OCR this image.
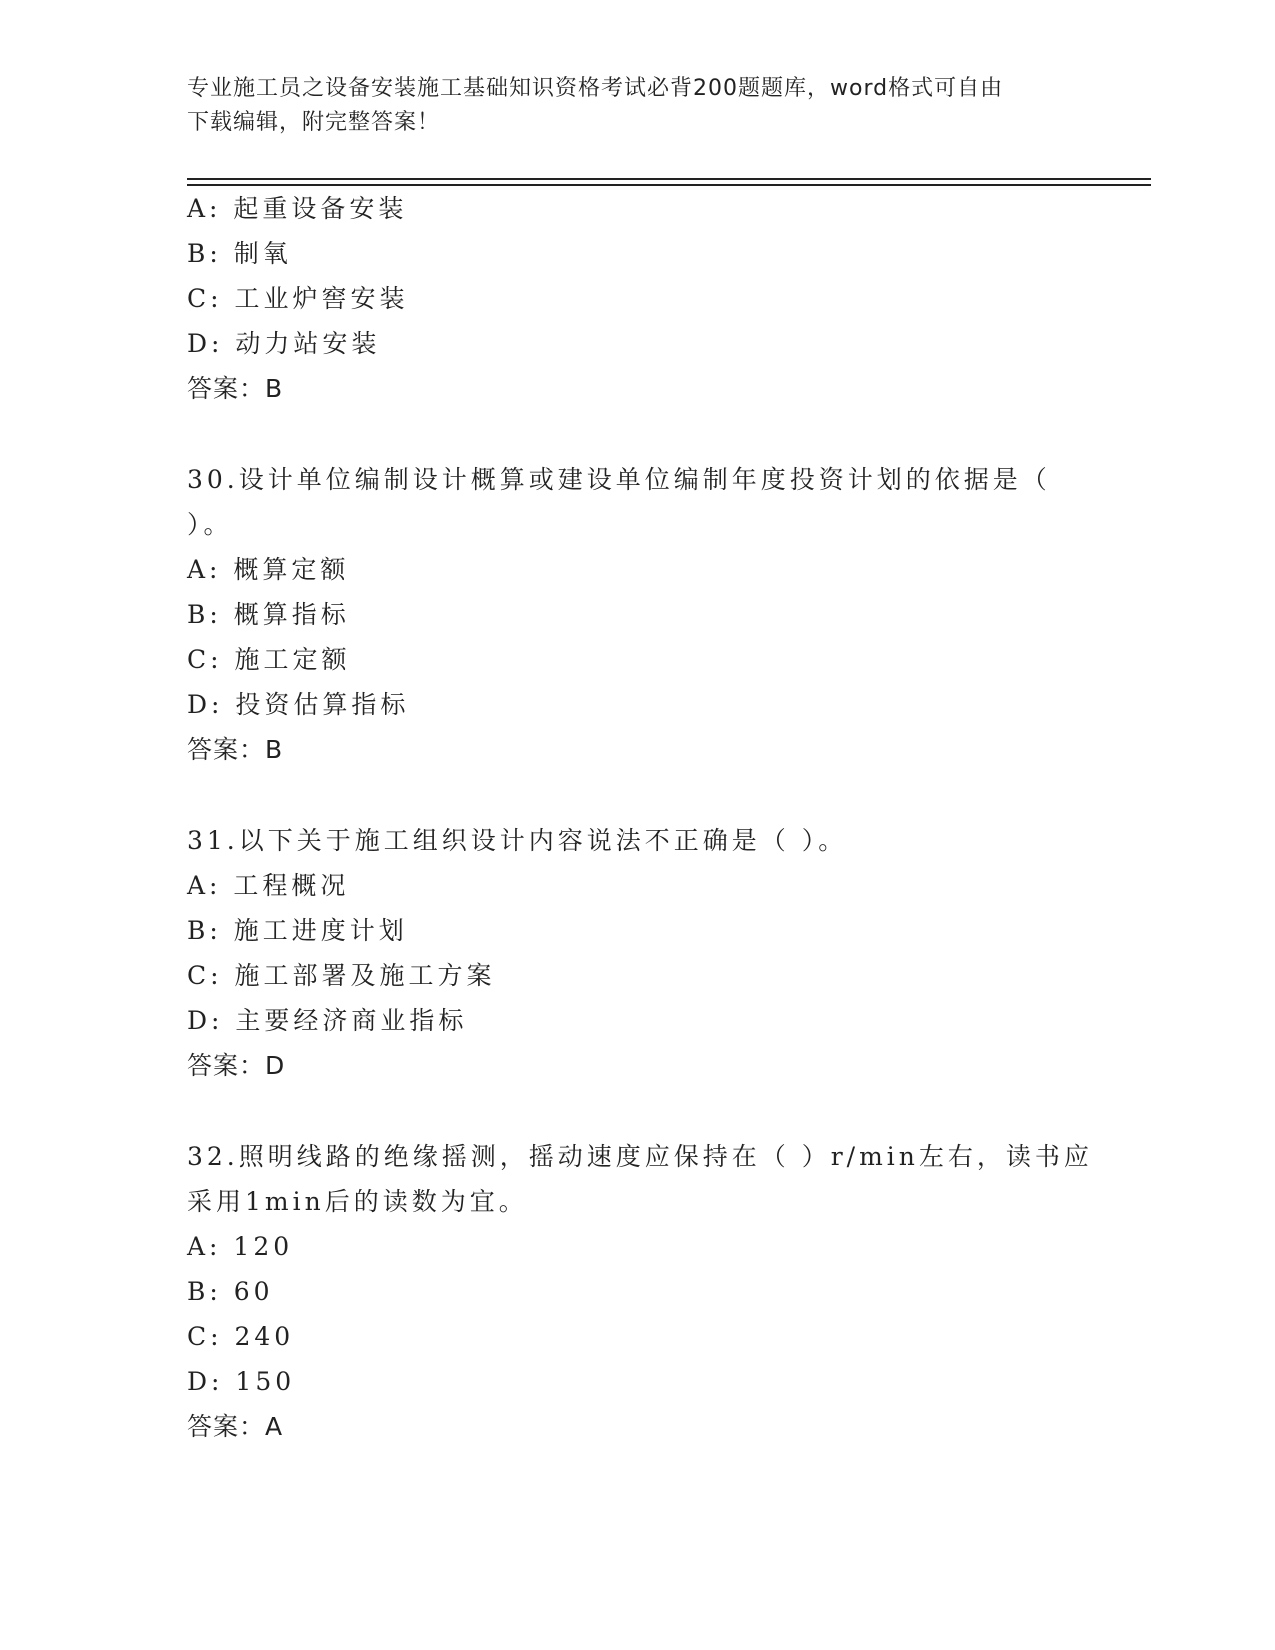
专业施工员之设备安装施工基础知识资格考试必背200题题库，word格式可自由
下载编辑，附完整答案！
A: 起重设备安装
B: 制氧
C: 工业炉窖安装
D: 动力站安装
答案：B
30.设计单位编制设计概算或建设单位编制年度投资计划的依据是（
）。
A: 概算定额
B: 概算指标
C: 施工定额
D: 投资估算指标
答案：B
31.以下关于施工组织设计内容说法不正确是（ ）。
A: 工程概况
B: 施工进度计划
C: 施工部署及施工方案
D: 主要经济商业指标
答案：D
32.照明线路的绝缘摇测，摇动速度应保持在（ ）r/min左右，读书应
采用1min后的读数为宜。
A: 120
B: 60
C: 240
D: 150
答案：A
